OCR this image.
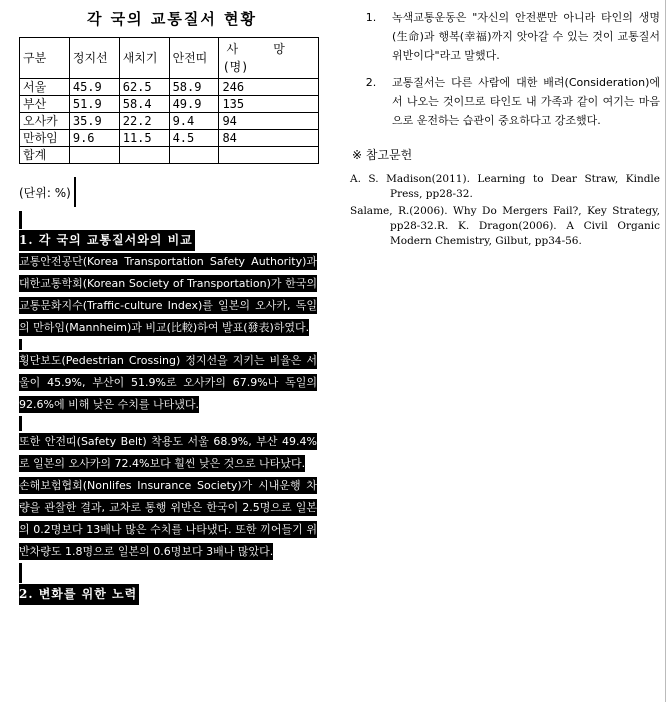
각 국의 교통질서 현황
구분	정지선	새치기	안전띠	사 망
(명)

서울	45.9	62.5	58.9	246
부산	51.9	58.4	49.9	135
오사카	35.9	22.2	9.4	94
만하임	9.6	11.5	4.5	84
합계				
(단위: %)
1. 각 국의 교통질서와의 비교
교통안전공단(Korea Transportation Safety Authority)과 대한교통학회(Korean Society of Transportation)가 한국의 교통문화지수(Traffic-culture Index)를 일본의 오사카, 독일의 만하임(Mannheim)과 비교(比較)하여 발표(發表)하였다.
횡단보도(Pedestrian Crossing) 정지선을 지키는 비율은 서울이 45.9%, 부산이 51.9%로 오사카의 67.9%나 독일의 92.6%에 비해 낮은 수치를 나타냈다.
또한 안전띠(Safety Belt) 착용도 서울 68.9%, 부산 49.4%로 일본의 오사카의 72.4%보다 훨씬 낮은 것으로 나타났다.
손해보험협회(Nonlifes Insurance Society)가 시내운행 차량을 관찰한 결과, 교차로 통행 위반은 한국이 2.5명으로 일본의 0.2명보다 13배나 많은 수치를 나타냈다. 또한 끼어들기 위반차량도 1.8명으로 일본의 0.6명보다 3배나 많았다.
2. 변화를 위한 노력
1.	녹색교통운동은 "자신의 안전뿐만 아니라 타인의 생명(生命)과 행복(幸福)까지 앗아갈 수 있는 것이 교통질서 위반이다"라고 말했다.
2.	교통질서는 다른 사람에 대한 배려(Consideration)에서 나오는 것이므로 타인도 내 가족과 같이 여기는 마음으로 운전하는 습관이 중요하다고 강조했다.
※ 참고문헌
A. S. Madison(2011). Learning to Dear Straw, Kindle Press, pp28-32.
Salame, R.(2006). Why Do Mergers Fail?, Key Strategy, pp28-32.R. K. Dragon(2006). A Civil Organic Modern Chemistry, Gilbut, pp34-56.
